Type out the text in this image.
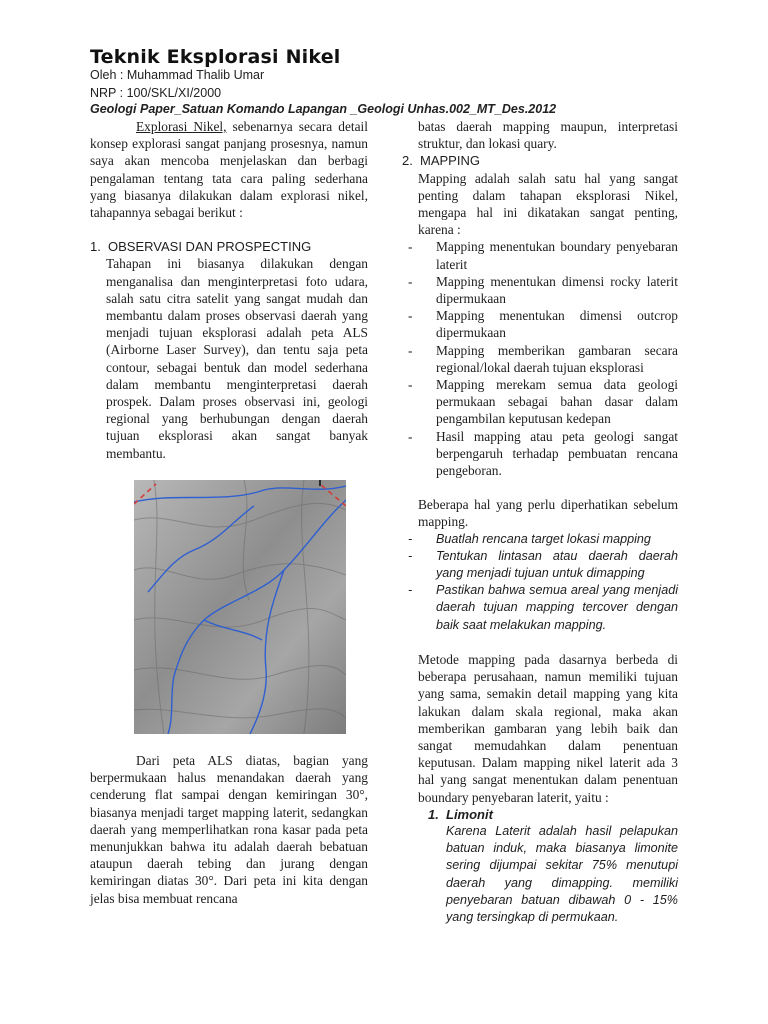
Teknik Eksplorasi Nikel
Oleh : Muhammad Thalib Umar
NRP : 100/SKL/XI/2000
Geologi Paper_Satuan Komando Lapangan _Geologi Unhas.002_MT_Des.2012

Explorasi Nikel, sebenarnya secara detail konsep explorasi sangat panjang prosesnya, namun saya akan mencoba menjelaskan dan berbagi pengalaman tentang tata cara paling sederhana yang biasanya dilakukan dalam explorasi nikel, tahapannya sebagai berikut :

1. OBSERVASI DAN PROSPECTING

Tahapan ini biasanya dilakukan dengan menganalisa dan menginterpretasi foto udara, salah satu citra satelit yang sangat mudah dan membantu dalam proses observasi daerah yang menjadi tujuan eksplorasi adalah peta ALS (Airborne Laser Survey), dan tentu saja peta contour, sebagai bentuk dan model sederhana dalam membantu menginterpretasi daerah prospek. Dalam proses observasi ini, geologi regional yang berhubungan dengan daerah tujuan eksplorasi akan sangat banyak membantu.

Dari peta ALS diatas, bagian yang berpermukaan halus menandakan daerah yang cenderung flat sampai dengan kemiringan 30°, biasanya menjadi target mapping laterit, sedangkan daerah yang memperlihatkan rona kasar pada peta menunjukkan bahwa itu adalah daerah bebatuan ataupun daerah tebing dan jurang dengan kemiringan diatas 30°. Dari peta ini kita dengan jelas bisa membuat rencana

batas daerah mapping maupun, interpretasi struktur, dan lokasi quary.

2. MAPPING

Mapping adalah salah satu hal yang sangat penting dalam tahapan eksplorasi Nikel, mengapa hal ini dikatakan sangat penting, karena :

- Mapping menentukan boundary penyebaran laterit
- Mapping menentukan dimensi rocky laterit dipermukaan
- Mapping menentukan dimensi outcrop dipermukaan
- Mapping memberikan gambaran secara regional/lokal daerah tujuan eksplorasi
- Mapping merekam semua data geologi permukaan sebagai bahan dasar dalam pengambilan keputusan kedepan
- Hasil mapping atau peta geologi sangat berpengaruh terhadap pembuatan rencana pengeboran.

Beberapa hal yang perlu diperhatikan sebelum mapping.

- Buatlah rencana target lokasi mapping
- Tentukan lintasan atau daerah daerah yang menjadi tujuan untuk dimapping
- Pastikan bahwa semua areal yang menjadi daerah tujuan mapping tercover dengan baik saat melakukan mapping.

Metode mapping pada dasarnya berbeda di beberapa perusahaan, namun memiliki tujuan yang sama, semakin detail mapping yang kita lakukan dalam skala regional, maka akan memberikan gambaran yang lebih baik dan sangat memudahkan dalam penentuan keputusan. Dalam mapping nikel laterit ada 3 hal yang sangat menentukan dalam penentuan boundary penyebaran laterit, yaitu :

1. Limonit

Karena Laterit adalah hasil pelapukan batuan induk, maka biasanya limonite sering dijumpai sekitar 75% menutupi daerah yang dimapping. memiliki penyebaran batuan dibawah 0 - 15% yang tersingkap di permukaan.
